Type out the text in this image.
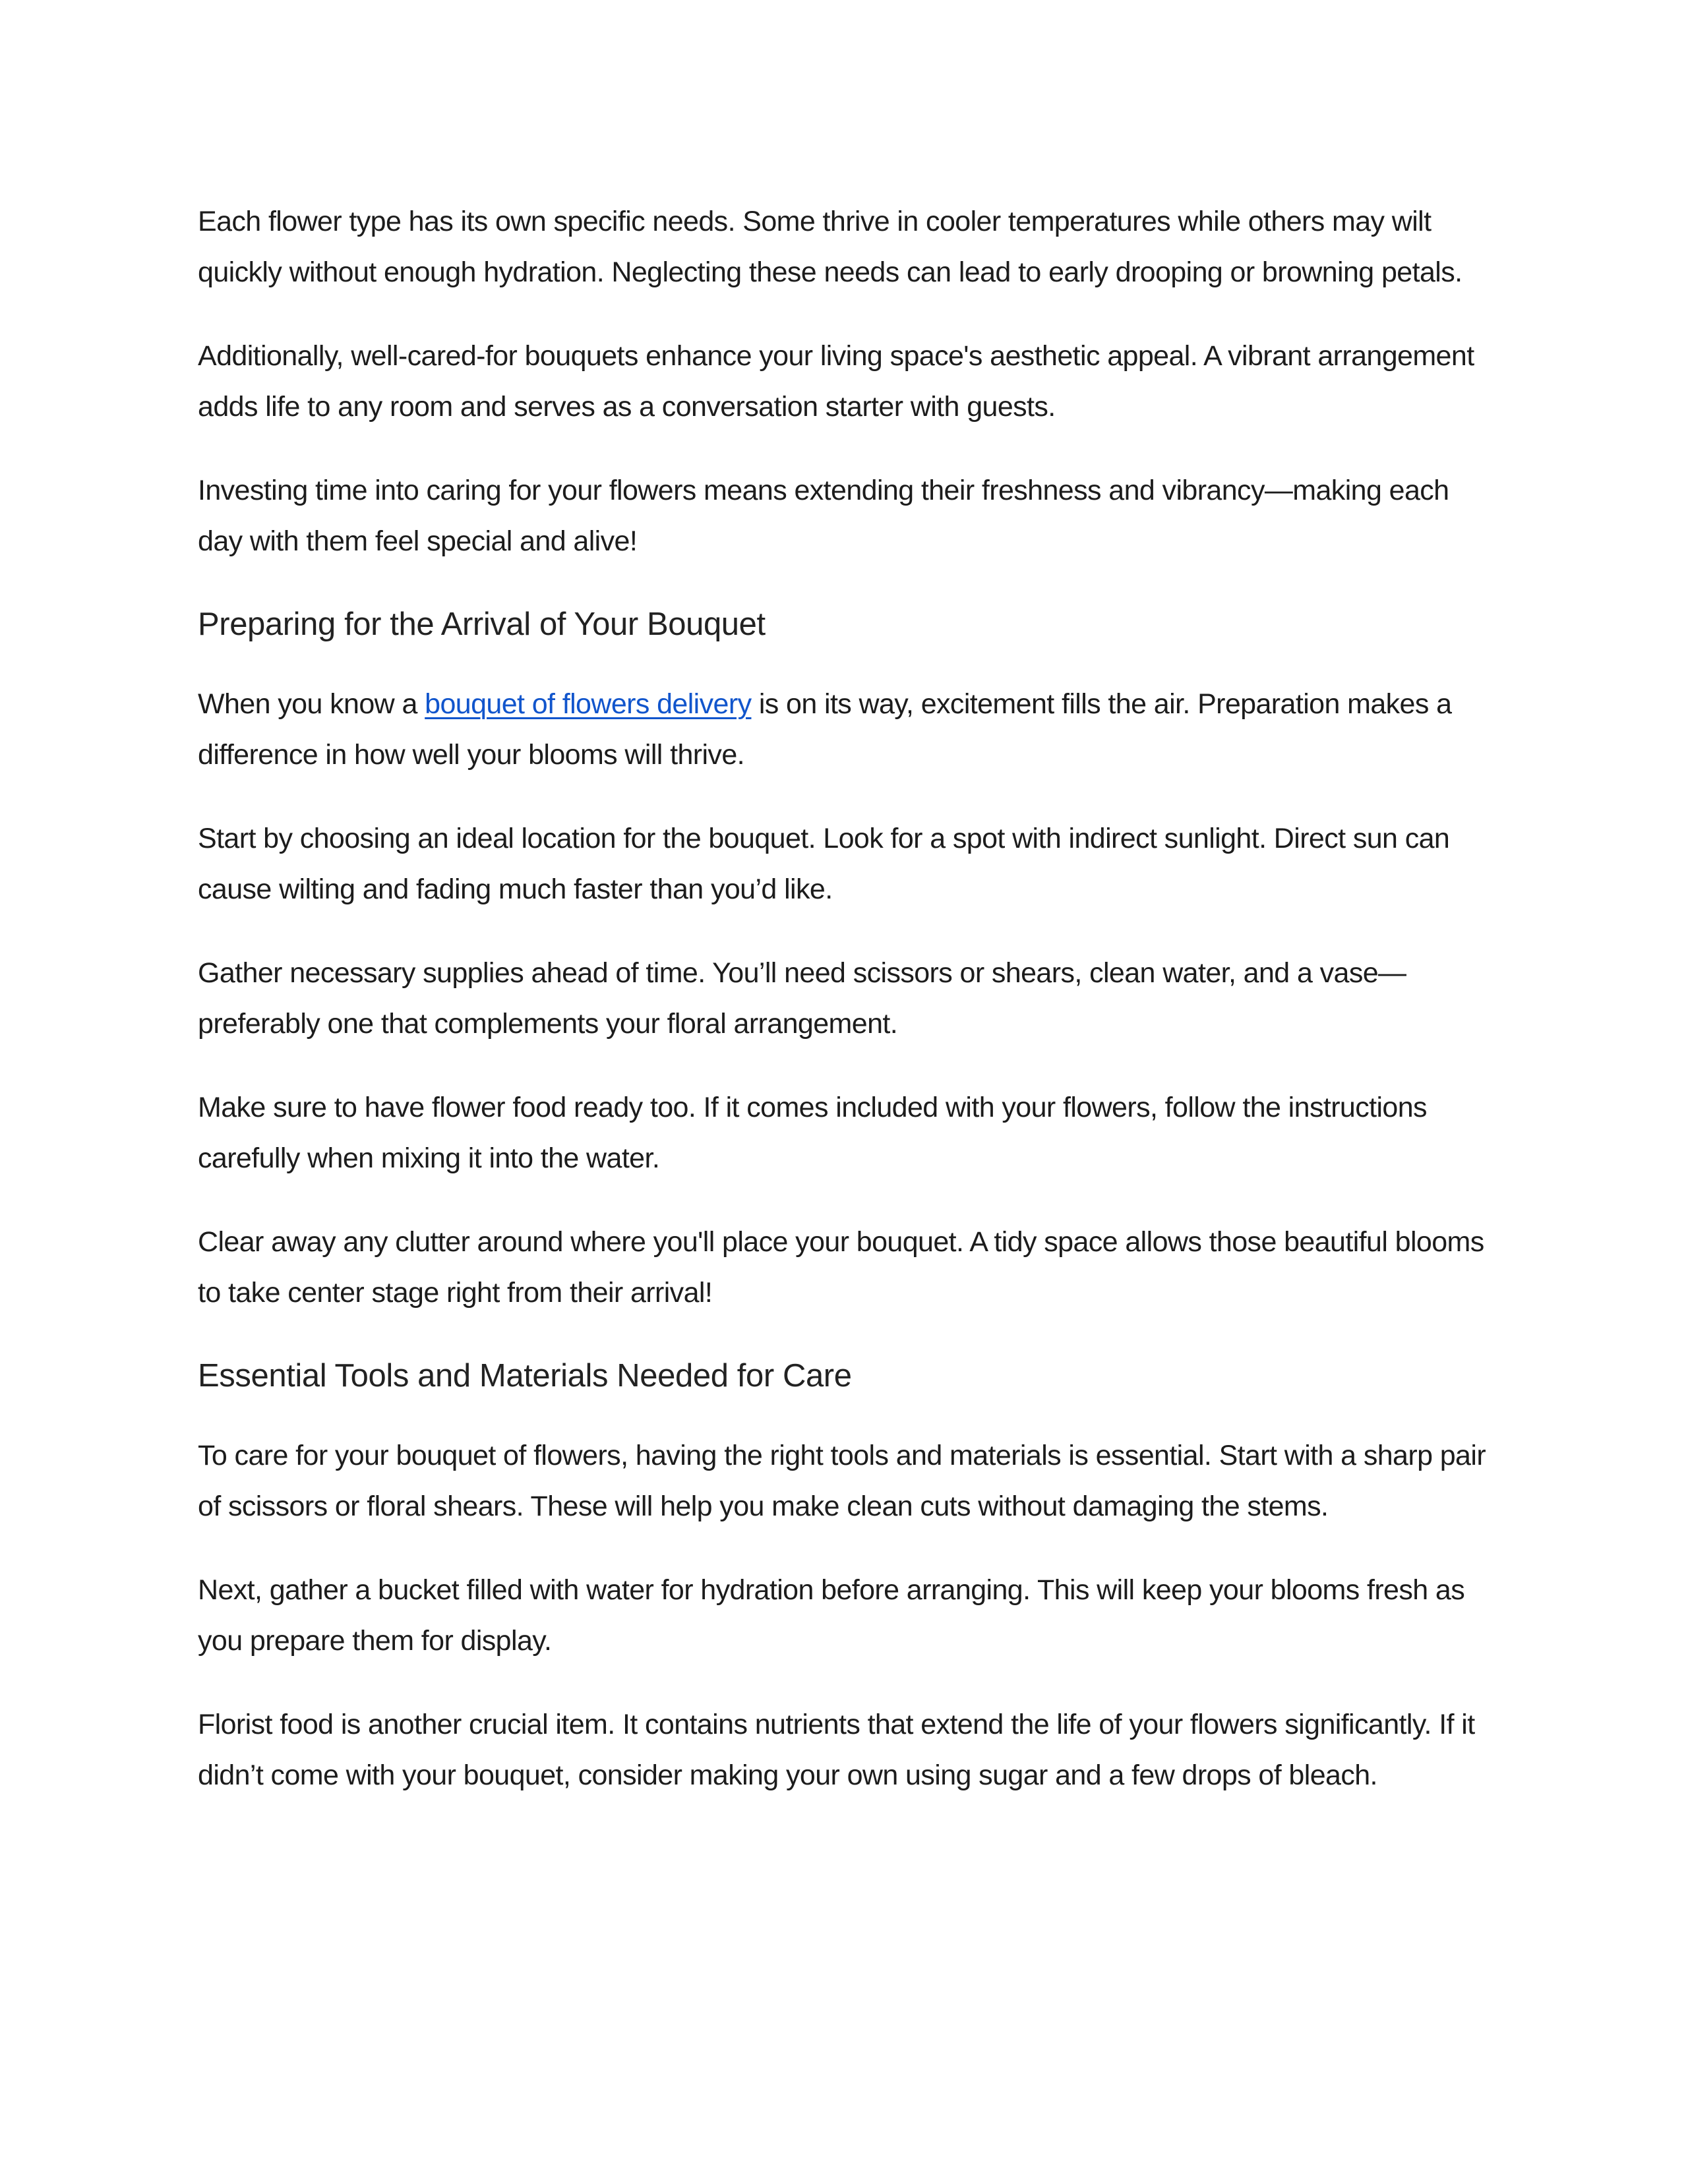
Each flower type has its own specific needs. Some thrive in cooler temperatures while others may wilt quickly without enough hydration. Neglecting these needs can lead to early drooping or browning petals.

Additionally, well-cared-for bouquets enhance your living space's aesthetic appeal. A vibrant arrangement adds life to any room and serves as a conversation starter with guests.

Investing time into caring for your flowers means extending their freshness and vibrancy—making each day with them feel special and alive!

Preparing for the Arrival of Your Bouquet

When you know a bouquet of flowers delivery is on its way, excitement fills the air. Preparation makes a difference in how well your blooms will thrive.

Start by choosing an ideal location for the bouquet. Look for a spot with indirect sunlight. Direct sun can cause wilting and fading much faster than you’d like.

Gather necessary supplies ahead of time. You’ll need scissors or shears, clean water, and a vase—preferably one that complements your floral arrangement.

Make sure to have flower food ready too. If it comes included with your flowers, follow the instructions carefully when mixing it into the water.

Clear away any clutter around where you'll place your bouquet. A tidy space allows those beautiful blooms to take center stage right from their arrival!

Essential Tools and Materials Needed for Care

To care for your bouquet of flowers, having the right tools and materials is essential. Start with a sharp pair of scissors or floral shears. These will help you make clean cuts without damaging the stems.

Next, gather a bucket filled with water for hydration before arranging. This will keep your blooms fresh as you prepare them for display.

Florist food is another crucial item. It contains nutrients that extend the life of your flowers significantly. If it didn’t come with your bouquet, consider making your own using sugar and a few drops of bleach.
